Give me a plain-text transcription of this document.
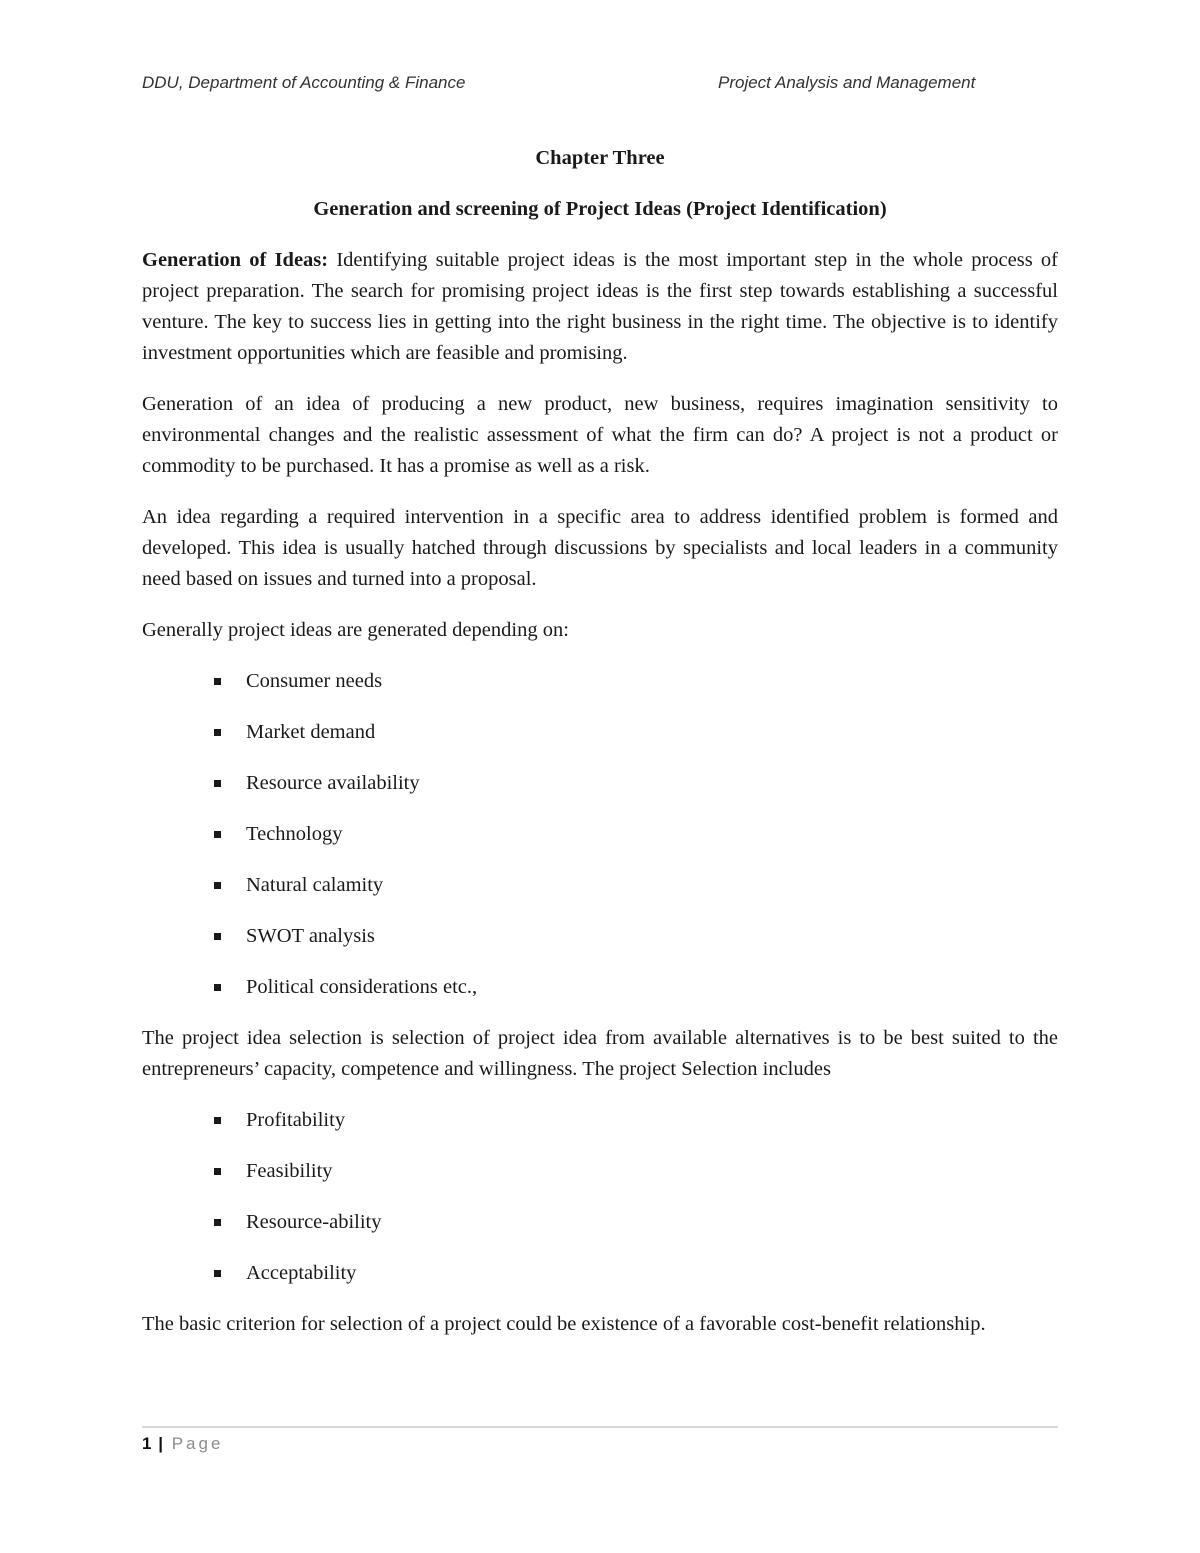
DDU, Department of Accounting & Finance	Project Analysis and Management
Chapter Three
Generation and screening of Project Ideas (Project Identification)

Generation of Ideas: Identifying suitable project ideas is the most important step in the whole process of project preparation. The search for promising project ideas is the first step towards establishing a successful venture. The key to success lies in getting into the right business in the right time. The objective is to identify investment opportunities which are feasible and promising.

Generation of an idea of producing a new product, new business, requires imagination sensitivity to environmental changes and the realistic assessment of what the firm can do? A project is not a product or commodity to be purchased. It has a promise as well as a risk.

An idea regarding a required intervention in a specific area to address identified problem is formed and developed. This idea is usually hatched through discussions by specialists and local leaders in a community need based on issues and turned into a proposal.

Generally project ideas are generated depending on:

Consumer needs
Market demand
Resource availability
Technology
Natural calamity
SWOT analysis
Political considerations etc.,

The project idea selection is selection of project idea from available alternatives is to be best suited to the entrepreneurs’ capacity, competence and willingness. The project Selection includes

Profitability
Feasibility
Resource-ability
Acceptability

The basic criterion for selection of a project could be existence of a favorable cost-benefit relationship.

1 | Page
